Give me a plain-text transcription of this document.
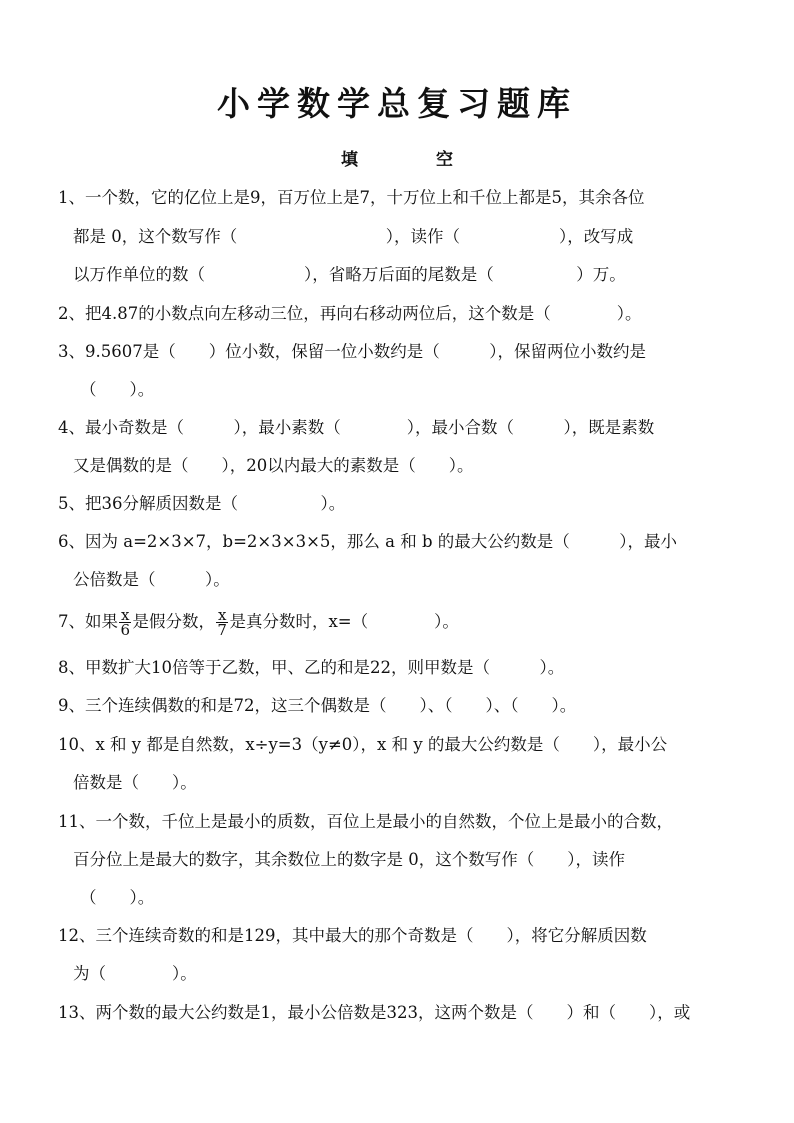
小学数学总复习题库
填 空
1、一个数，它的亿位上是9，百万位上是7，十万位上和千位上都是5，其余各位
都是 0，这个数写作（　　　　　　　　　），读作（　　　　　　），改写成
以万作单位的数（　　　　　　），省略万后面的尾数是（　　　　　）万。
2、把4.87的小数点向左移动三位，再向右移动两位后，这个数是（　　　　）。
3、9.5607是（　　）位小数，保留一位小数约是（　　　），保留两位小数约是
（　　）。
4、最小奇数是（　　　），最小素数（　　　　），最小合数（　　　），既是素数
又是偶数的是（　　），20以内最大的素数是（　　）。
5、把36分解质因数是（　　　　　）。
6、因为 a=2×3×7，b=2×3×3×5，那么 a 和 b 的最大公约数是（　　　），最小
公倍数是（　　　）。
7、如果 $\frac{x}{6}$ 是假分数， $\frac{x}{7}$ 是真分数时，x=（　　　　）。
8、甲数扩大10倍等于乙数，甲、乙的和是22，则甲数是（　　　）。
9、三个连续偶数的和是72，这三个偶数是（　　）、（　　）、（　　）。
10、x 和 y 都是自然数，x÷y=3（y≠0），x 和 y 的最大公约数是（　　），最小公
倍数是（　　）。
11、一个数，千位上是最小的质数，百位上是最小的自然数，个位上是最小的合数，
百分位上是最大的数字，其余数位上的数字是 0，这个数写作（　　），读作
（　　）。
12、三个连续奇数的和是129，其中最大的那个奇数是（　　），将它分解质因数
为（　　　　）。
13、两个数的最大公约数是1，最小公倍数是323，这两个数是（　　）和（　　），或
